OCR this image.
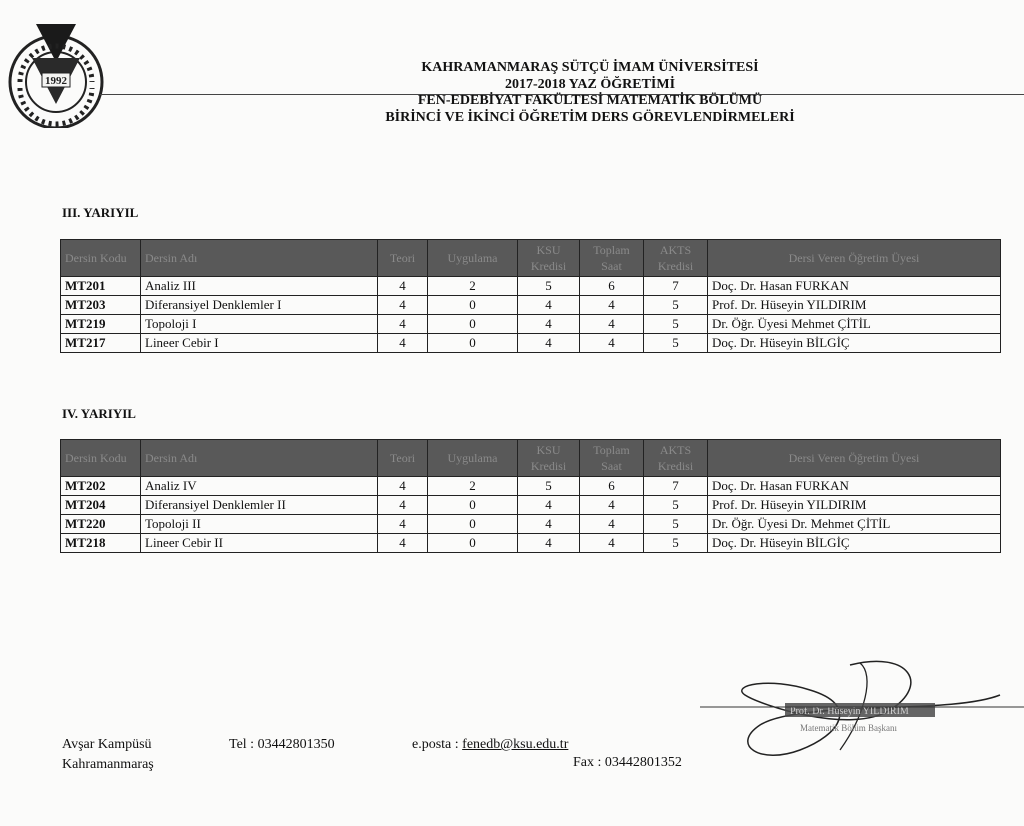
1992
KAHRAMANMARAŞ SÜTÇÜ İMAM ÜNİVERSİTESİ
2017-2018 YAZ ÖĞRETİMİ
FEN-EDEBİYAT FAKÜLTESİ MATEMATİK BÖLÜMÜ
BİRİNCİ VE İKİNCİ ÖĞRETİM DERS GÖREVLENDİRMELERİ
III. YARIYIL
Dersin Kodu	Dersin Adı	Teori	Uygulama	KSU Kredisi	Toplam Saat	AKTS Kredisi	Dersi Veren Öğretim Üyesi
MT201	Analiz III	4	2	5	6	7	Doç. Dr. Hasan FURKAN
MT203	Diferansiyel Denklemler I	4	0	4	4	5	Prof. Dr. Hüseyin YILDIRIM
MT219	Topoloji I	4	0	4	4	5	Dr. Öğr. Üyesi Mehmet ÇİTİL
MT217	Lineer Cebir I	4	0	4	4	5	Doç. Dr. Hüseyin BİLGİÇ
IV. YARIYIL
Dersin Kodu	Dersin Adı	Teori	Uygulama	KSU Kredisi	Toplam Saat	AKTS Kredisi	Dersi Veren Öğretim Üyesi
MT202	Analiz IV	4	2	5	6	7	Doç. Dr. Hasan FURKAN
MT204	Diferansiyel Denklemler II	4	0	4	4	5	Prof. Dr. Hüseyin YILDIRIM
MT220	Topoloji II	4	0	4	4	5	Dr. Öğr. Üyesi Dr. Mehmet ÇİTİL
MT218	Lineer Cebir II	4	0	4	4	5	Doç. Dr. Hüseyin BİLGİÇ
Prof. Dr. Hüseyin YILDIRIM
Matematik Bölüm Başkanı
Avşar Kampüsü
Kahramanmaraş
Tel : 03442801350	e.posta : fenedb@ksu.edu.tr
Fax : 03442801352
